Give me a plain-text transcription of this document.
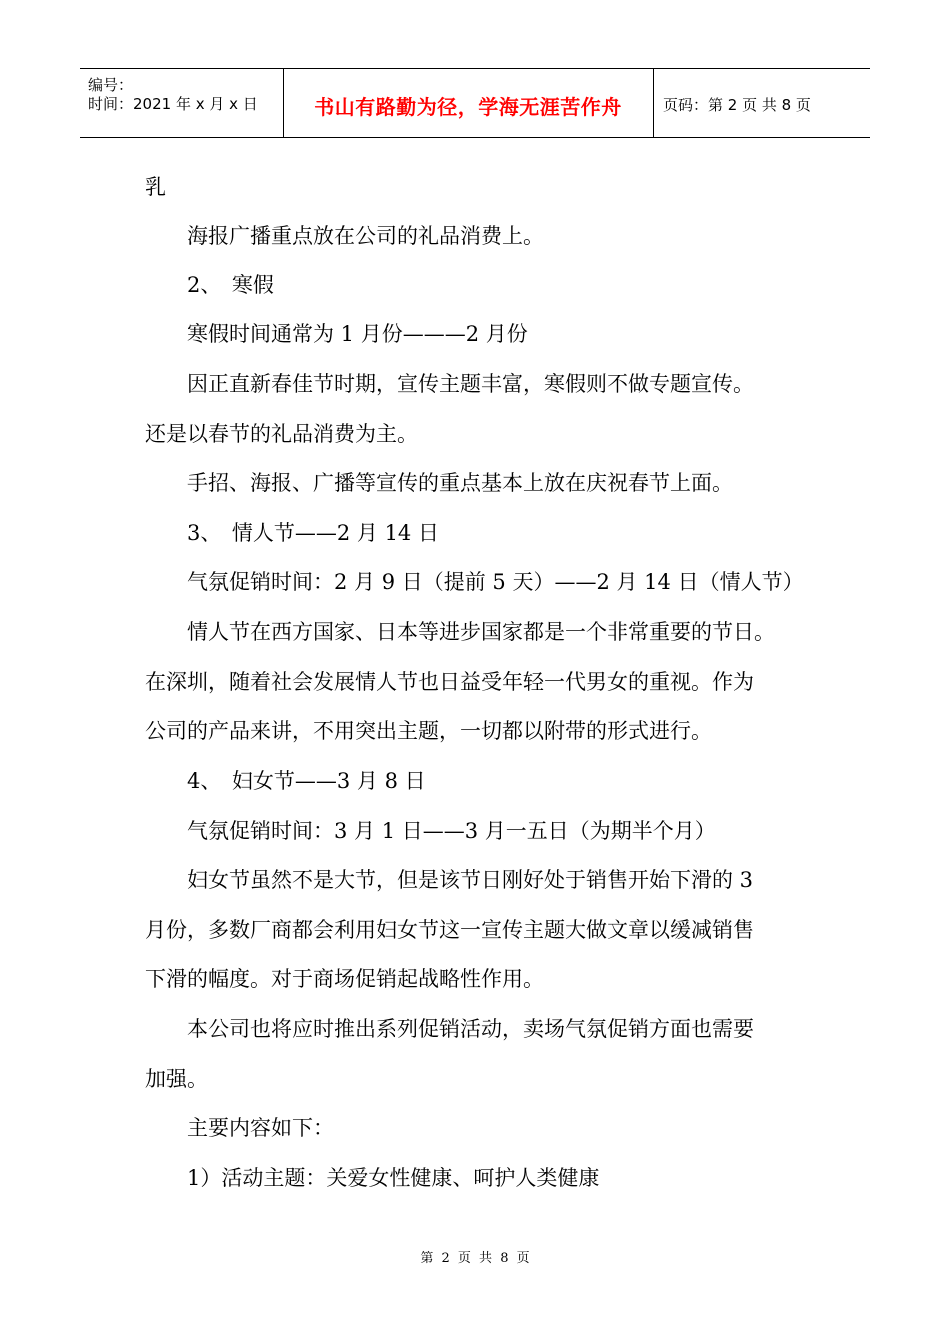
编号：
时间：2021 年 x 月 x 日	书山有路勤为径，学海无涯苦作舟	页码：第 2 页 共 8 页
乳
　　海报广播重点放在公司的礼品消费上。
　　2、　寒假
　　寒假时间通常为 1 月份———2 月份
　　因正直新春佳节时期，宣传主题丰富，寒假则不做专题宣传。
还是以春节的礼品消费为主。
　　手招、海报、广播等宣传的重点基本上放在庆祝春节上面。
　　3、　情人节——2 月 14 日
　　气氛促销时间：2 月 9 日（提前 5 天）——2 月 14 日（情人节）
　　情人节在西方国家、日本等进步国家都是一个非常重要的节日。
在深圳，随着社会发展情人节也日益受年轻一代男女的重视。作为
公司的产品来讲，不用突出主题，一切都以附带的形式进行。
　　4、　妇女节——3 月 8 日
　　气氛促销时间：3 月 1 日——3 月一五日（为期半个月）
　　妇女节虽然不是大节，但是该节日刚好处于销售开始下滑的 3
月份，多数厂商都会利用妇女节这一宣传主题大做文章以缓减销售
下滑的幅度。对于商场促销起战略性作用。
　　本公司也将应时推出系列促销活动，卖场气氛促销方面也需要
加强。
　　主要内容如下：
　　1）活动主题：关爱女性健康、呵护人类健康
第 2 页 共 8 页
